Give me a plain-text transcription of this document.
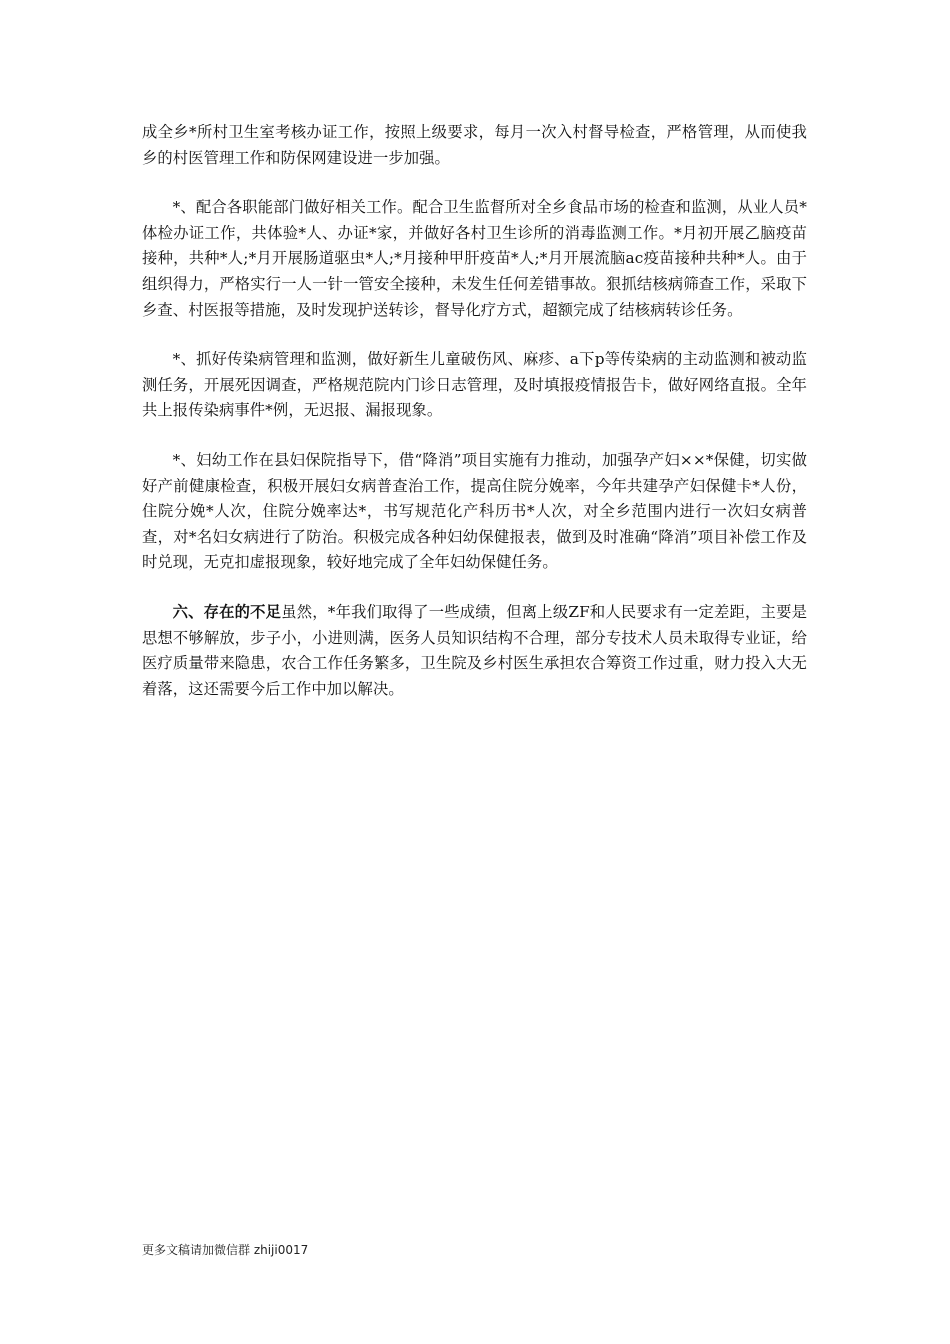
成全乡*所村卫生室考核办证工作，按照上级要求，每月一次入村督导检查，严格管理，从而使我乡的村医管理工作和防保网建设进一步加强。

*、配合各职能部门做好相关工作。配合卫生监督所对全乡食品市场的检查和监测，从业人员*体检办证工作，共体验*人、办证*家，并做好各村卫生诊所的消毒监测工作。*月初开展乙脑疫苗接种，共种*人;*月开展肠道驱虫*人;*月接种甲肝疫苗*人;*月开展流脑ac疫苗接种共种*人。由于组织得力，严格实行一人一针一管安全接种，未发生任何差错事故。狠抓结核病筛查工作，采取下乡查、村医报等措施，及时发现护送转诊，督导化疗方式，超额完成了结核病转诊任务。

*、抓好传染病管理和监测，做好新生儿童破伤风、麻疹、a下p等传染病的主动监测和被动监测任务，开展死因调查，严格规范院内门诊日志管理，及时填报疫情报告卡，做好网络直报。全年共上报传染病事件*例，无迟报、漏报现象。

*、妇幼工作在县妇保院指导下，借“降消”项目实施有力推动，加强孕产妇××*保健，切实做好产前健康检查，积极开展妇女病普查治工作，提高住院分娩率，今年共建孕产妇保健卡*人份，住院分娩*人次，住院分娩率达*，书写规范化产科历书*人次，对全乡范围内进行一次妇女病普查，对*名妇女病进行了防治。积极完成各种妇幼保健报表，做到及时准确“降消”项目补偿工作及时兑现，无克扣虚报现象，较好地完成了全年妇幼保健任务。

六、存在的不足虽然，*年我们取得了一些成绩，但离上级ZF和人民要求有一定差距，主要是思想不够解放，步子小，小进则满，医务人员知识结构不合理，部分专技术人员未取得专业证，给医疗质量带来隐患，农合工作任务繁多，卫生院及乡村医生承担农合筹资工作过重，财力投入大无着落，这还需要今后工作中加以解决。

更多文稿请加微信群 zhiji0017
